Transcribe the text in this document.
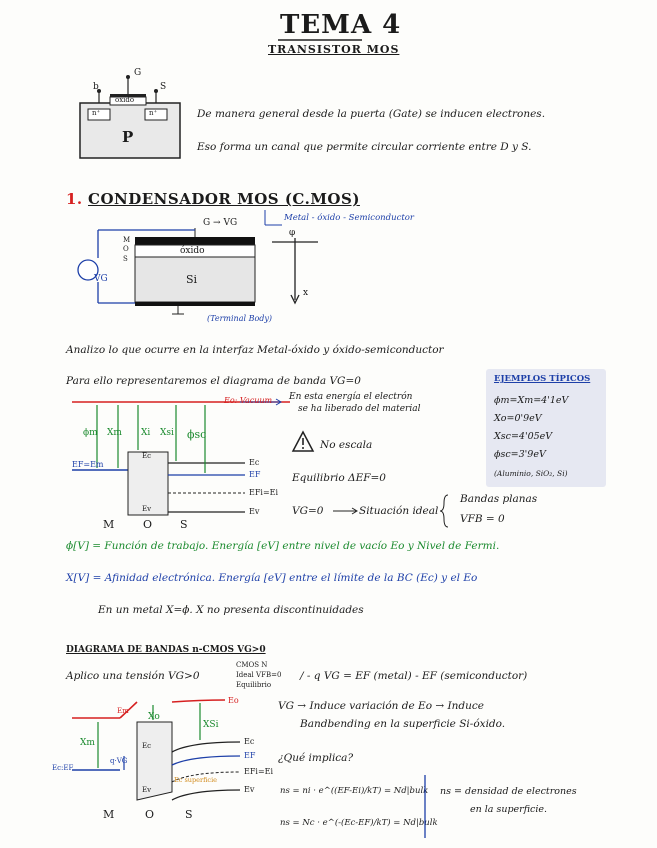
TEMA 4
TRANSISTOR MOS
G
b	S
óxido
n⁺	n⁺
P
De manera general desde la puerta (Gate) se inducen electrones.
Eso forma un canal que permite circular corriente entre D y S.
1. CONDENSADOR MOS (C.MOS)
Metal - óxido - Semiconductor
G → VG
M
O
S
óxido
Si
VG
φ
x
(Terminal Body)
Analizo lo que ocurre en la interfaz Metal-óxido y óxido-semiconductor
Para ello representaremos el diagrama de banda VG=0
Eo: Vacuum En esta energía el electrón
se ha liberado del material
ϕm Xm Xi Xsi ϕsc
EF=Em
Ec
Ev
Ec
EF
EFi=Ei
Ev
M	O	S
No escala
Equilibrio ΔEF=0
VG=0	Situación ideal
Bandas planas
VFB = 0
EJEMPLOS TÍPICOS
ϕm=Xm=4'1eV
Xo=0'9eV
Xsc=4'05eV
ϕsc=3'9eV
(Aluminio, SiO₂, Si)
ϕ[V] = Función de trabajo. Energía [eV] entre nivel de vacío Eo y Nivel de Fermi.
X[V] = Afinidad electrónica. Energía [eV] entre el límite de la BC (Ec) y el Eo
En un metal X=ϕ. X no presenta discontinuidades
DIAGRAMA DE BANDAS n-CMOS VG>0
Aplico una tensión VG>0
CMOS N
Ideal VFB=0
Equilibrio
/ - q VG = EF (metal) - EF (semiconductor)
Em
Eo
Xm
Xo
XSi
q·VG
Ec:EF
Ec
Ev
Ec superficie
Ec
EF
EFi=Ei
Ev
M	O	S
VG → Induce variación de Eo → Induce
Bandbending en la superficie Si-óxido.
¿Qué implica?
ns = ni · e^((EF-Ei)/kT) = Nd|bulk
ns = Nc · e^(-(Ec-EF)/kT) = Nd|bulk
ns = densidad de electrones
en la superficie.
